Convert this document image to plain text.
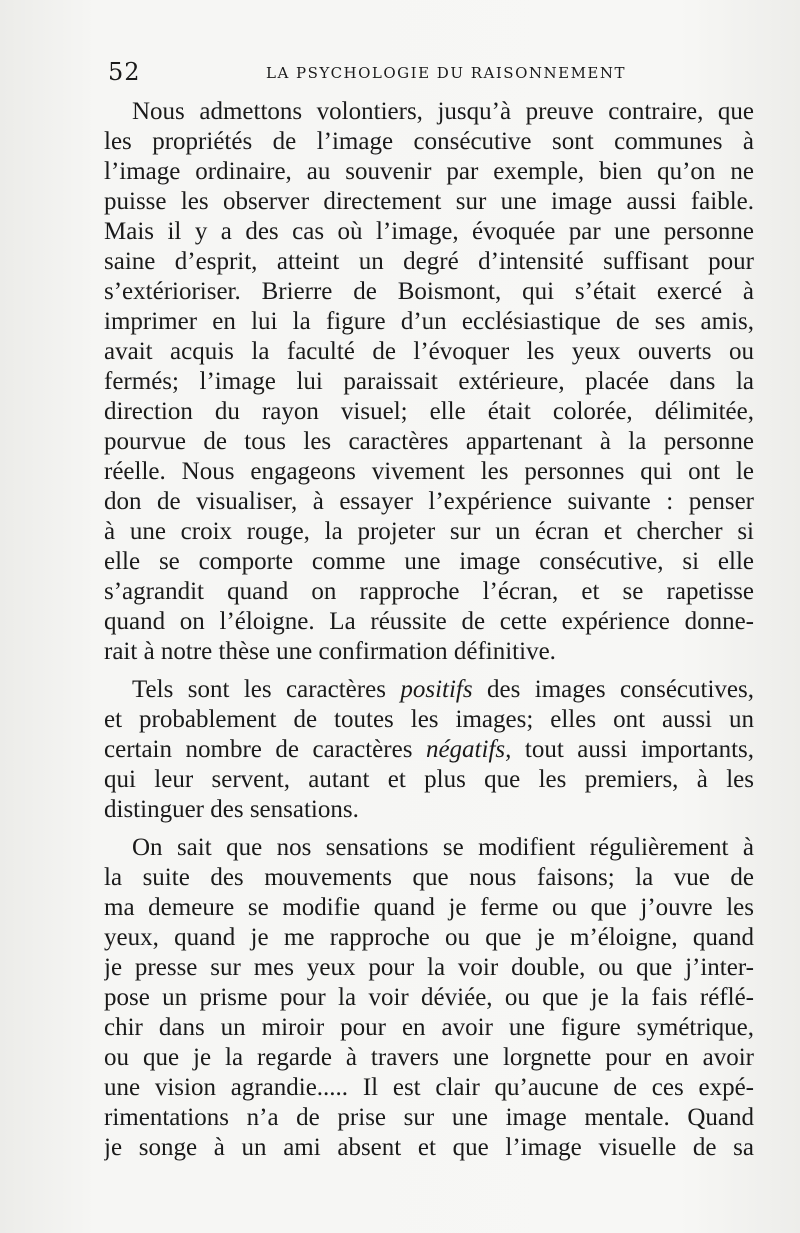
52	LA PSYCHOLOGIE DU RAISONNEMENT
Nous admettons volontiers, jusqu’à preuve contraire, que
les propriétés de l’image consécutive sont communes à
l’image ordinaire, au souvenir par exemple, bien qu’on ne
puisse les observer directement sur une image aussi faible.
Mais il y a des cas où l’image, évoquée par une personne
saine d’esprit, atteint un degré d’intensité suffisant pour
s’extérioriser. Brierre de Boismont, qui s’était exercé à
imprimer en lui la figure d’un ecclésiastique de ses amis,
avait acquis la faculté de l’évoquer les yeux ouverts ou
fermés; l’image lui paraissait extérieure, placée dans la
direction du rayon visuel; elle était colorée, délimitée,
pourvue de tous les caractères appartenant à la personne
réelle. Nous engageons vivement les personnes qui ont le
don de visualiser, à essayer l’expérience suivante : penser
à une croix rouge, la projeter sur un écran et chercher si
elle se comporte comme une image consécutive, si elle
s’agrandit quand on rapproche l’écran, et se rapetisse
quand on l’éloigne. La réussite de cette expérience donne-
rait à notre thèse une confirmation définitive.
Tels sont les caractères positifs des images consécutives,
et probablement de toutes les images; elles ont aussi un
certain nombre de caractères négatifs, tout aussi importants,
qui leur servent, autant et plus que les premiers, à les
distinguer des sensations.
On sait que nos sensations se modifient régulièrement à
la suite des mouvements que nous faisons; la vue de
ma demeure se modifie quand je ferme ou que j’ouvre les
yeux, quand je me rapproche ou que je m’éloigne, quand
je presse sur mes yeux pour la voir double, ou que j’inter-
pose un prisme pour la voir déviée, ou que je la fais réflé-
chir dans un miroir pour en avoir une figure symétrique,
ou que je la regarde à travers une lorgnette pour en avoir
une vision agrandie..... Il est clair qu’aucune de ces expé-
rimentations n’a de prise sur une image mentale. Quand
je songe à un ami absent et que l’image visuelle de sa
